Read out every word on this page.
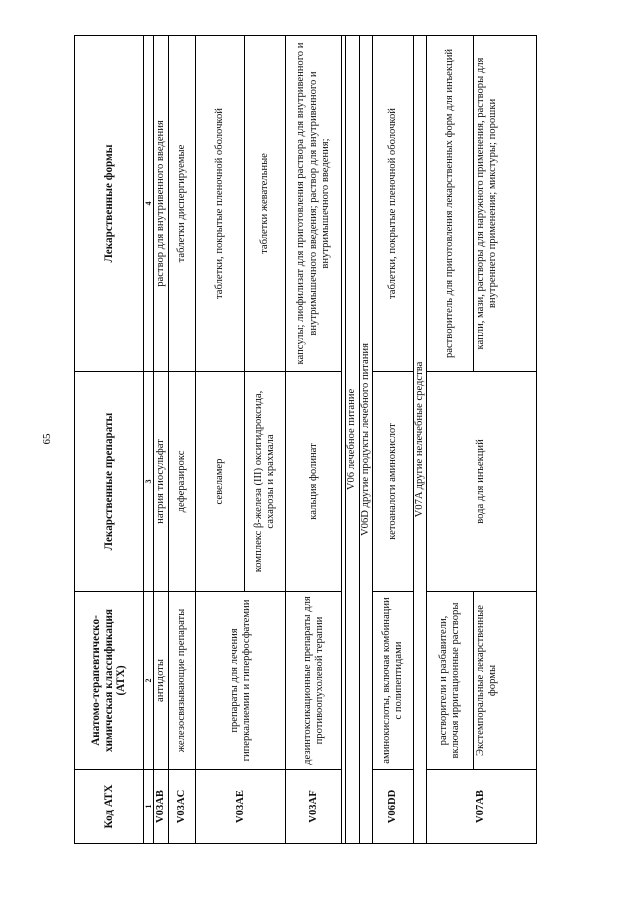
65
Код АТХ	Анатомо-терапевтическо-химическая классификация (АТХ)	Лекарственные препараты	Лекарственные формы
1	2	3	4
V03AB	антидоты	натрия тиосульфат	раствор для внутривенного введения
V03AC	железосвязывающие препараты	деферазирокс	таблетки диспергируемые
V03AE	препараты для лечения гиперкалиемии и гиперфосфатемии	севеламер	таблетки, покрытые пленочной оболочкой
		комплекс β-железа (III) оксигидроксида, сахарозы и крахмала	таблетки жевательные
V03AF	дезинтоксикационные препараты для противоопухолевой терапии	кальция фолинат	капсулы; лиофилизат для приготовления раствора для внутривенного и внутримышечного введения; раствор для внутривенного и внутримышечного введения;

V06 лечебное питание			
V06D другие продукты лечебного питания			
V06DD	аминокислоты, включая комбинации с полипептидами	кетоаналоги аминокислот	таблетки, покрытые пленочной оболочкой
V07A другие нелечебные средства			
V07AB	растворители и разбавители, включая ирригационные растворы	вода для инъекций	растворитель для приготовления лекарственных форм для инъекций
	Экстемпоральные лекарственные формы		капли, мази, растворы для наружного применения, растворы для внутреннего применения; микстуры; порошки
